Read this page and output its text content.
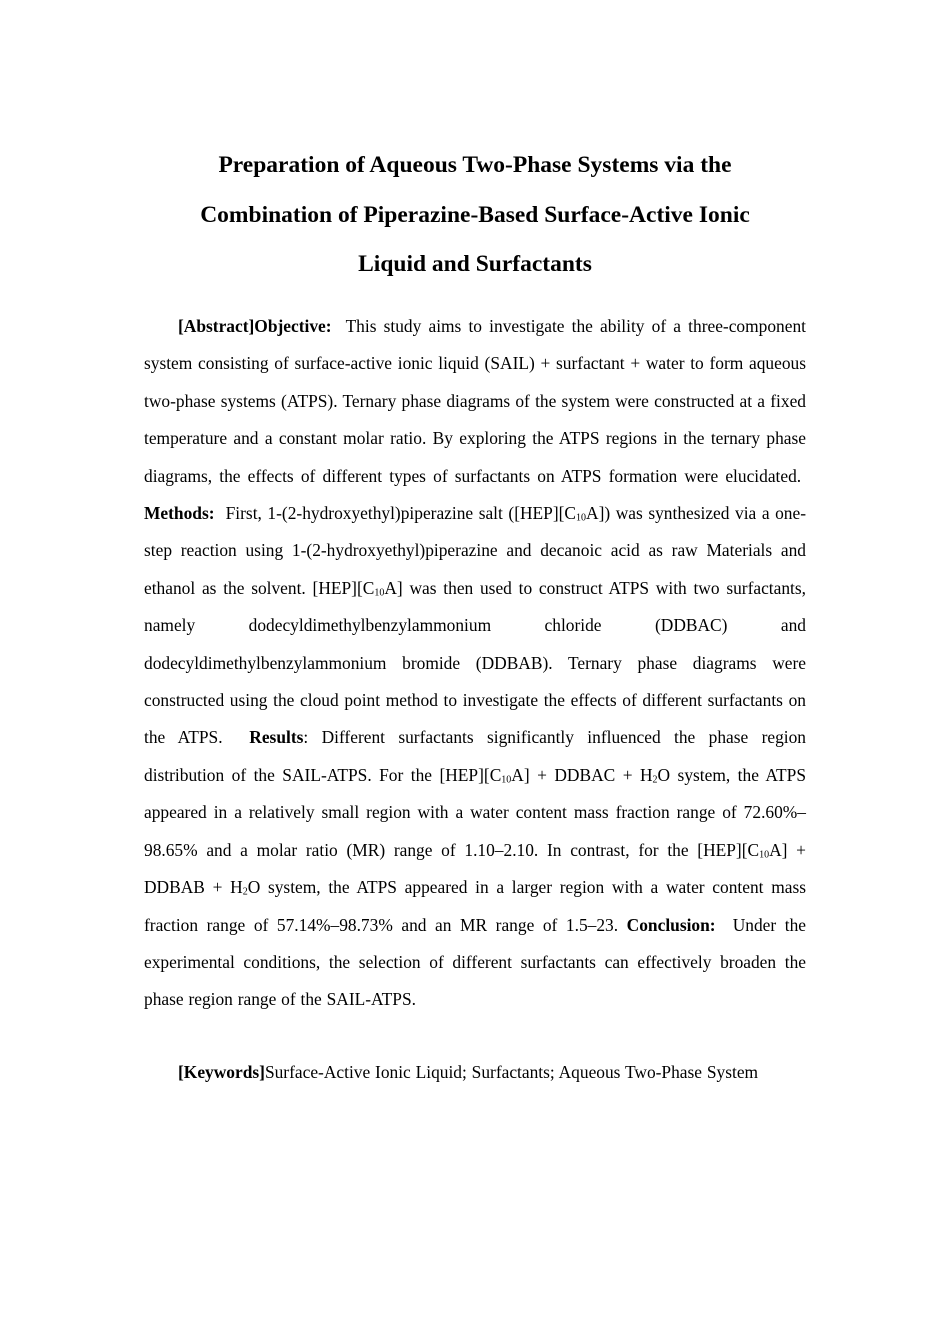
Preparation of Aqueous Two-Phase Systems via the
Combination of Piperazine-Based Surface-Active Ionic
Liquid and Surfactants

[Abstract]Objective: This study aims to investigate the ability of a three-component system consisting of surface-active ionic liquid (SAIL) + surfactant + water to form aqueous two-phase systems (ATPS). Ternary phase diagrams of the system were constructed at a fixed temperature and a constant molar ratio. By exploring the ATPS regions in the ternary phase diagrams, the effects of different types of surfactants on ATPS formation were elucidated.  Methods: First, 1-(2-hydroxyethyl)piperazine salt $([HEP][C_{10}A])$ was synthesized via a one-step reaction using 1-(2-hydroxyethyl)piperazine and decanoic acid as raw Materials and ethanol as the solvent. $[HEP][C_{10}A]$ was then used to construct ATPS with two surfactants, namely dodecyldimethylbenzylammonium chloride (DDBAC) and dodecyldimethylbenzylammonium bromide (DDBAB). Ternary phase diagrams were constructed using the cloud point method to investigate the effects of different surfactants on the ATPS. Results: Different surfactants significantly influenced the phase region distribution of the SAIL-ATPS. For the $[HEP][C_{10}A]$ + DDBAC + $H_2O$ system, the ATPS appeared in a relatively small region with a water content mass fraction range of 72.60%–98.65% and a molar ratio (MR) range of 1.10–2.10. In contrast, for the $[HEP][C_{10}A]$ + DDBAB + $H_2O$ system, the ATPS appeared in a larger region with a water content mass fraction range of 57.14%–98.73% and an MR range of 1.5–23. Conclusion: Under the experimental conditions, the selection of different surfactants can effectively broaden the phase region range of the SAIL-ATPS.

[Keywords]Surface-Active Ionic Liquid; Surfactants; Aqueous Two-Phase System
